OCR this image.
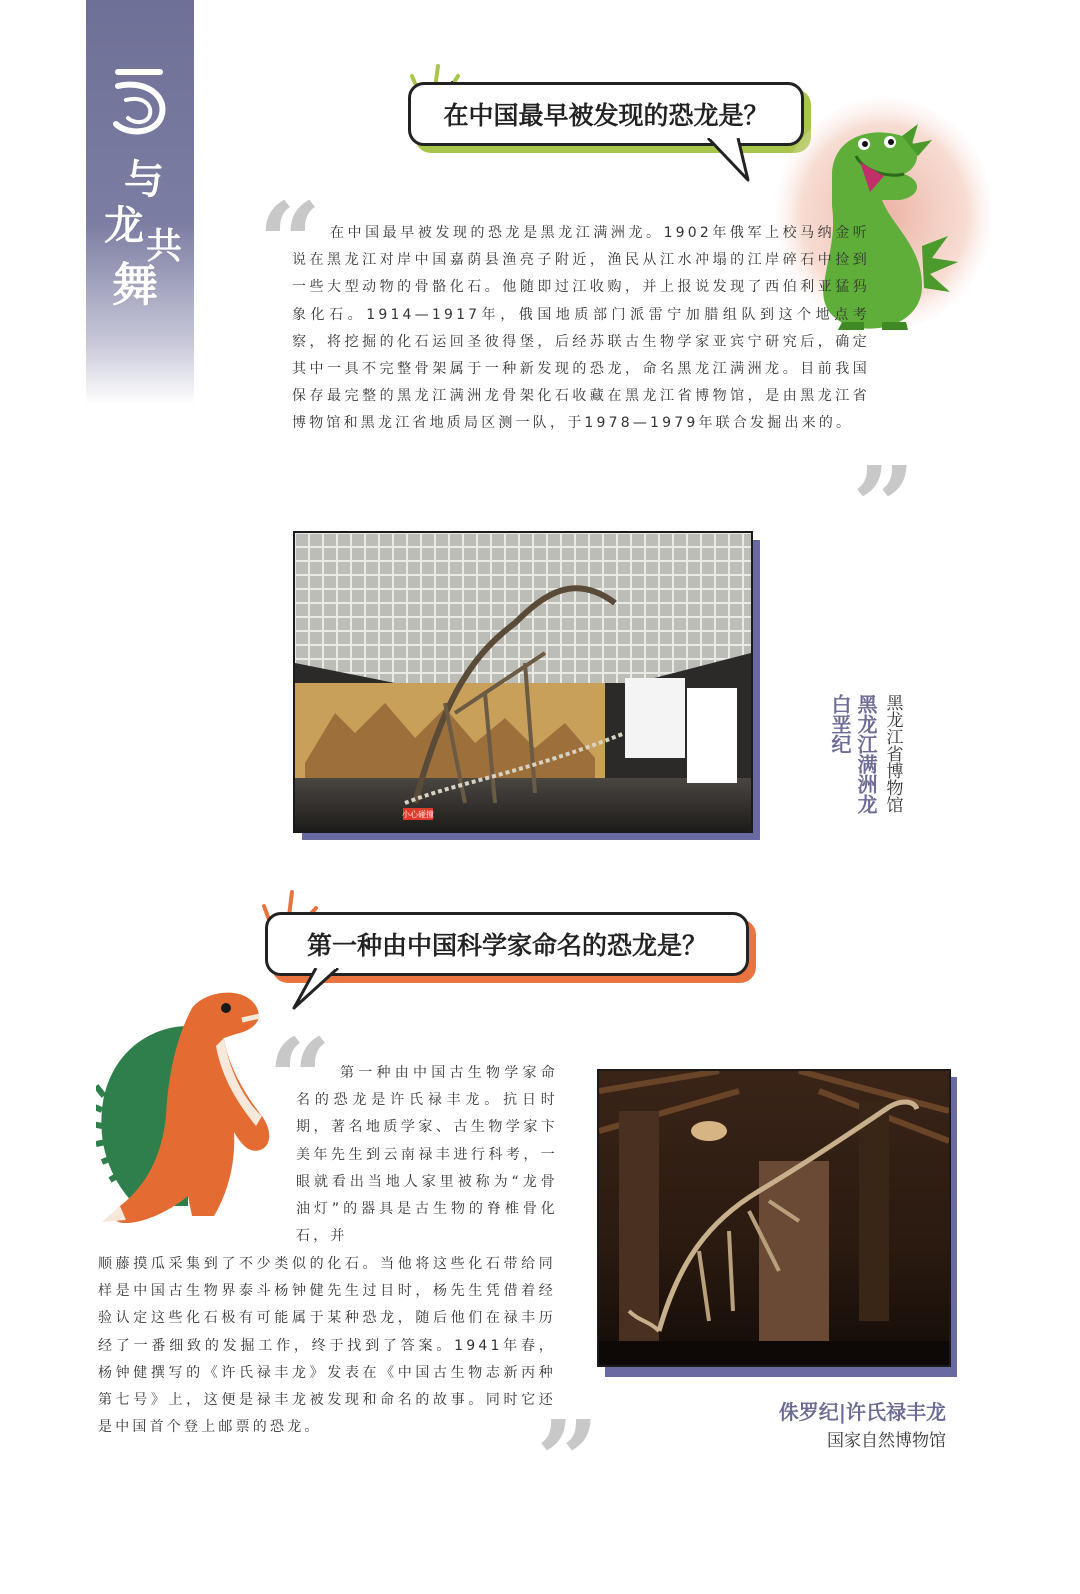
与
龙 共
舞
在中国最早被发现的恐龙是？
“ 在中国最早被发现的恐龙是黑龙江满洲龙。1902年俄军上校马纳金听说在黑龙江对岸中国嘉荫县渔亮子附近，渔民从江水冲塌的江岸碎石中捡到一些大型动物的骨骼化石。他随即过江收购，并上报说发现了西伯利亚猛犸象化石。1914—1917年，俄国地质部门派雷宁加腊组队到这个地点考察，将挖掘的化石运回圣彼得堡，后经苏联古生物学家亚宾宁研究后，确定其中一具不完整骨架属于一种新发现的恐龙，命名黑龙江满洲龙。目前我国保存最完整的黑龙江满洲龙骨架化石收藏在黑龙江省博物馆，是由黑龙江省博物馆和黑龙江省地质局区测一队，于1978—1979年联合发掘出来的。

”
小心碰撞
白垩纪 黑龙江满洲龙 黑龙江省博物馆
第一种由中国科学家命名的恐龙是？
“ 第一种由中国古生物学家命名的恐龙是许氏禄丰龙。抗日时期，著名地质学家、古生物学家卞美年先生到云南禄丰进行科考，一眼就看出当地人家里被称为“龙骨油灯”的器具是古生物的脊椎骨化石，并

顺藤摸瓜采集到了不少类似的化石。当他将这些化石带给同样是中国古生物界泰斗杨钟健先生过目时，杨先生凭借着经验认定这些化石极有可能属于某种恐龙，随后他们在禄丰历经了一番细致的发掘工作，终于找到了答案。1941年春，杨钟健撰写的《许氏禄丰龙》发表在《中国古生物志新丙种第七号》上，这便是禄丰龙被发现和命名的故事。同时它还是中国首个登上邮票的恐龙。	”	侏罗纪|许氏禄丰龙
国家自然博物馆
